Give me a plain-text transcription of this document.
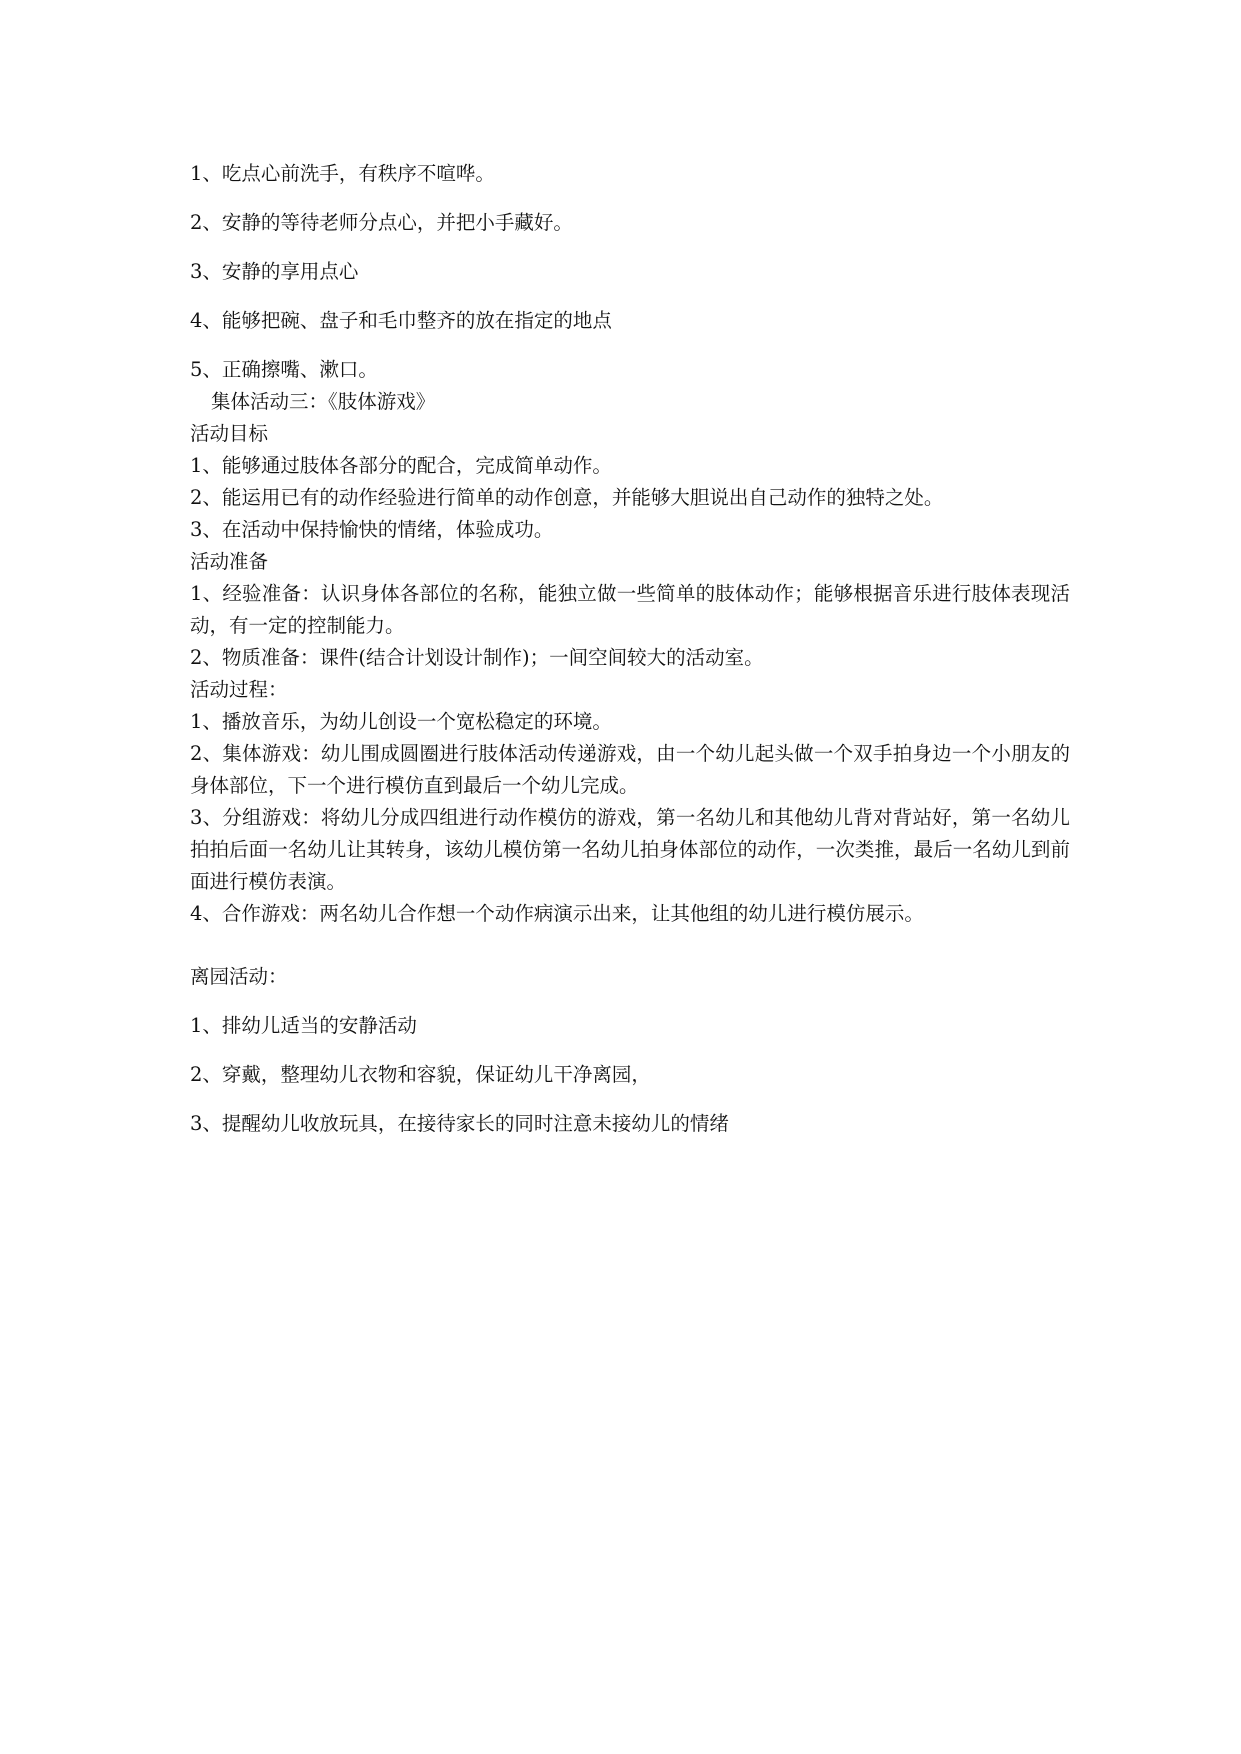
1、吃点心前洗手，有秩序不喧哗。

2、安静的等待老师分点心，并把小手藏好。

3、安静的享用点心

4、能够把碗、盘子和毛巾整齐的放在指定的地点

5、正确擦嘴、漱口。

集体活动三：《肢体游戏》

活动目标

1、能够通过肢体各部分的配合，完成简单动作。

2、能运用已有的动作经验进行简单的动作创意，并能够大胆说出自己动作的独特之处。

3、在活动中保持愉快的情绪，体验成功。

活动准备

1、经验准备：认识身体各部位的名称，能独立做一些简单的肢体动作；能够根据音乐进行肢体表现活动，有一定的控制能力。

2、物质准备：课件(结合计划设计制作)；一间空间较大的活动室。

活动过程：

1、播放音乐，为幼儿创设一个宽松稳定的环境。

2、集体游戏：幼儿围成圆圈进行肢体活动传递游戏，由一个幼儿起头做一个双手拍身边一个小朋友的身体部位，下一个进行模仿直到最后一个幼儿完成。

3、分组游戏：将幼儿分成四组进行动作模仿的游戏，第一名幼儿和其他幼儿背对背站好，第一名幼儿拍拍后面一名幼儿让其转身，该幼儿模仿第一名幼儿拍身体部位的动作，一次类推，最后一名幼儿到前面进行模仿表演。

4、合作游戏：两名幼儿合作想一个动作病演示出来，让其他组的幼儿进行模仿展示。

离园活动：

1、排幼儿适当的安静活动

2、穿戴，整理幼儿衣物和容貌，保证幼儿干净离园，

3、提醒幼儿收放玩具，在接待家长的同时注意未接幼儿的情绪
